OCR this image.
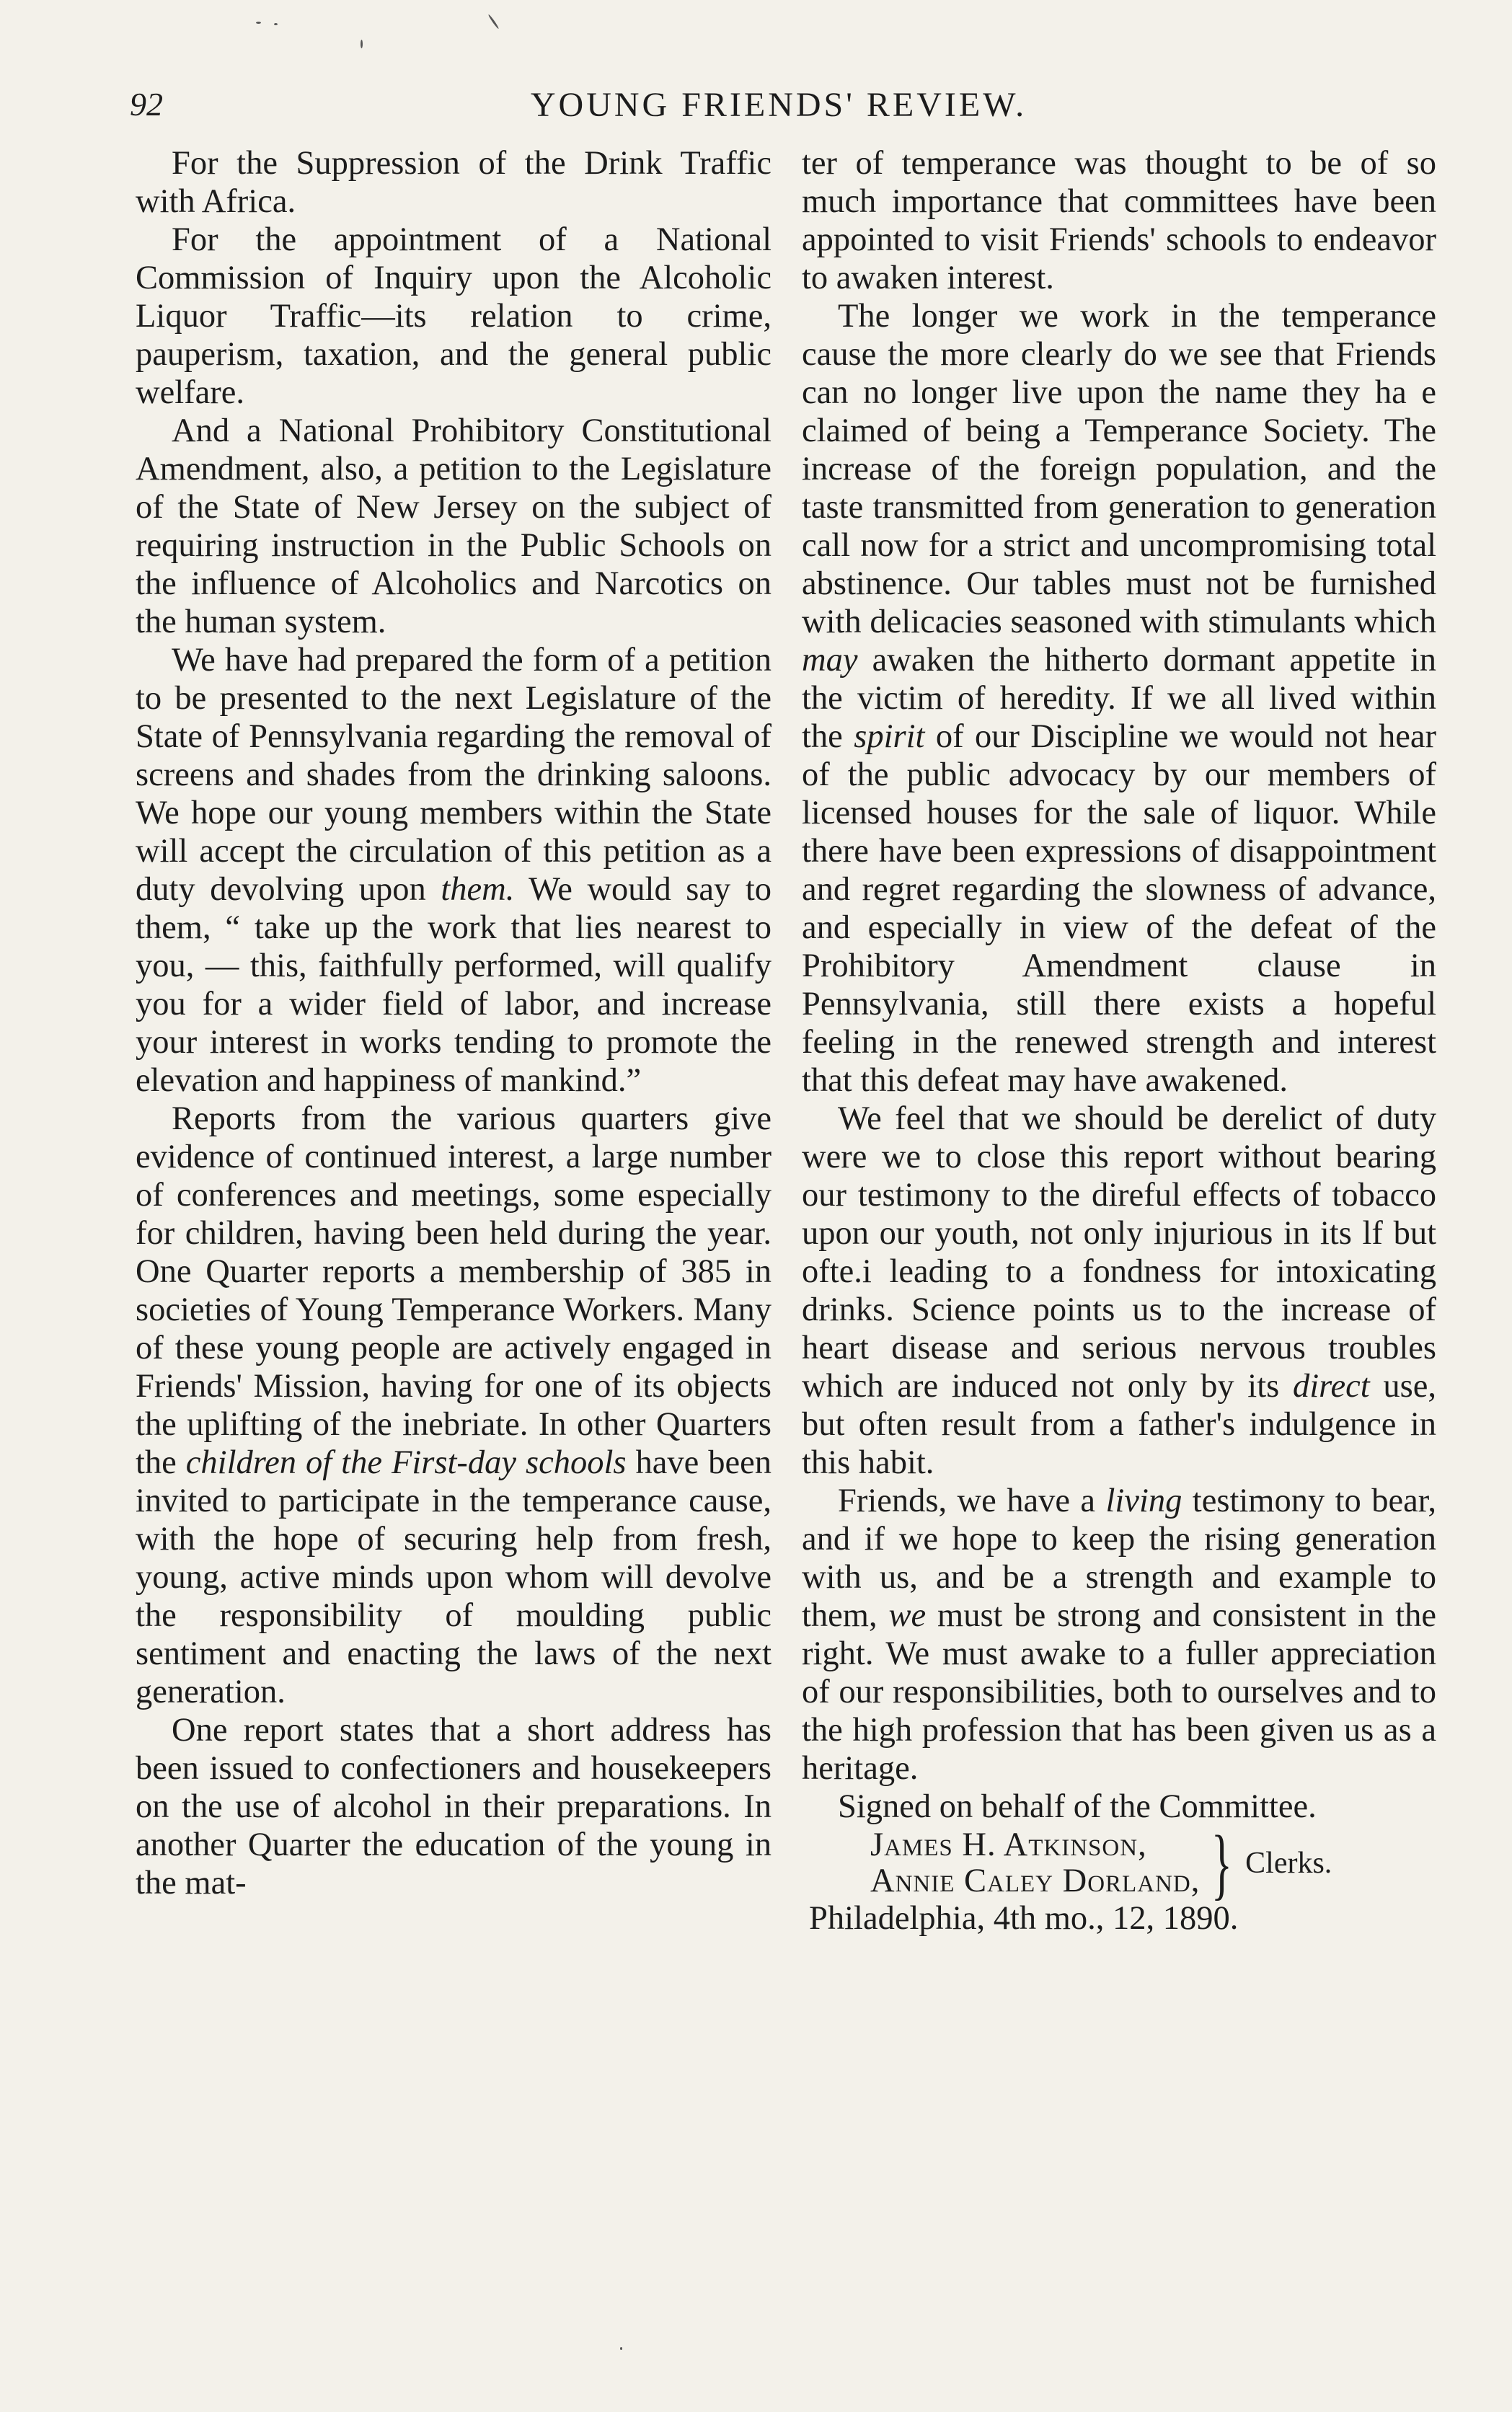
92	YOUNG FRIENDS' REVIEW.

For the Suppression of the Drink Traffic with Africa.

For the appointment of a National Commission of Inquiry upon the Alcoholic Liquor Traffic—its relation to crime, pauperism, taxation, and the general public welfare.

And a National Prohibitory Constitutional Amendment, also, a petition to the Legislature of the State of New Jersey on the subject of requiring instruction in the Public Schools on the influence of Alcoholics and Narcotics on the human system.

We have had prepared the form of a petition to be presented to the next Legislature of the State of Pennsylvania regarding the removal of screens and shades from the drinking saloons. We hope our young members within the State will accept the circulation of this petition as a duty devolving upon them. We would say to them, “ take up the work that lies nearest to you, — this, faithfully performed, will qualify you for a wider field of labor, and increase your interest in works tending to promote the elevation and happiness of mankind.”

Reports from the various quarters give evidence of continued interest, a large number of conferences and meetings, some especially for children, having been held during the year. One Quarter reports a membership of 385 in societies of Young Temperance Workers. Many of these young people are actively engaged in Friends' Mission, having for one of its objects the uplifting of the inebriate. In other Quarters the children of the First-day schools have been invited to participate in the temperance cause, with the hope of securing help from fresh, young, active minds upon whom will devolve the responsibility of moulding public sentiment and enacting the laws of the next generation.

One report states that a short address has been issued to confectioners and housekeepers on the use of alcohol in their preparations. In another Quarter the education of the young in the mat-

ter of temperance was thought to be of so much importance that committees have been appointed to visit Friends' schools to endeavor to awaken interest.

The longer we work in the temperance cause the more clearly do we see that Friends can no longer live upon the name they ha e claimed of being a Temperance Society. The increase of the foreign population, and the taste transmitted from generation to generation call now for a strict and uncompromising total abstinence. Our tables must not be furnished with delicacies seasoned with stimulants which may awaken the hitherto dormant appetite in the victim of heredity. If we all lived within the spirit of our Discipline we would not hear of the public advocacy by our members of licensed houses for the sale of liquor. While there have been expressions of disappointment and regret regarding the slowness of advance, and especially in view of the defeat of the Prohibitory Amendment clause in Pennsylvania, still there exists a hopeful feeling in the renewed strength and interest that this defeat may have awakened.

We feel that we should be derelict of duty were we to close this report without bearing our testimony to the direful effects of tobacco upon our youth, not only injurious in its lf but ofte.i leading to a fondness for intoxicating drinks. Science points us to the increase of heart disease and serious nervous troubles which are induced not only by its direct use, but often result from a father's indulgence in this habit.

Friends, we have a living testimony to bear, and if we hope to keep the rising generation with us, and be a strength and example to them, we must be strong and consistent in the right. We must awake to a fuller appreciation of our responsibilities, both to ourselves and to the high profession that has been given us as a heritage.

Signed on behalf of the Committee.

James H. Atkinson,
Annie Caley Dorland, } Clerks.

Philadelphia, 4th mo., 12, 1890.
